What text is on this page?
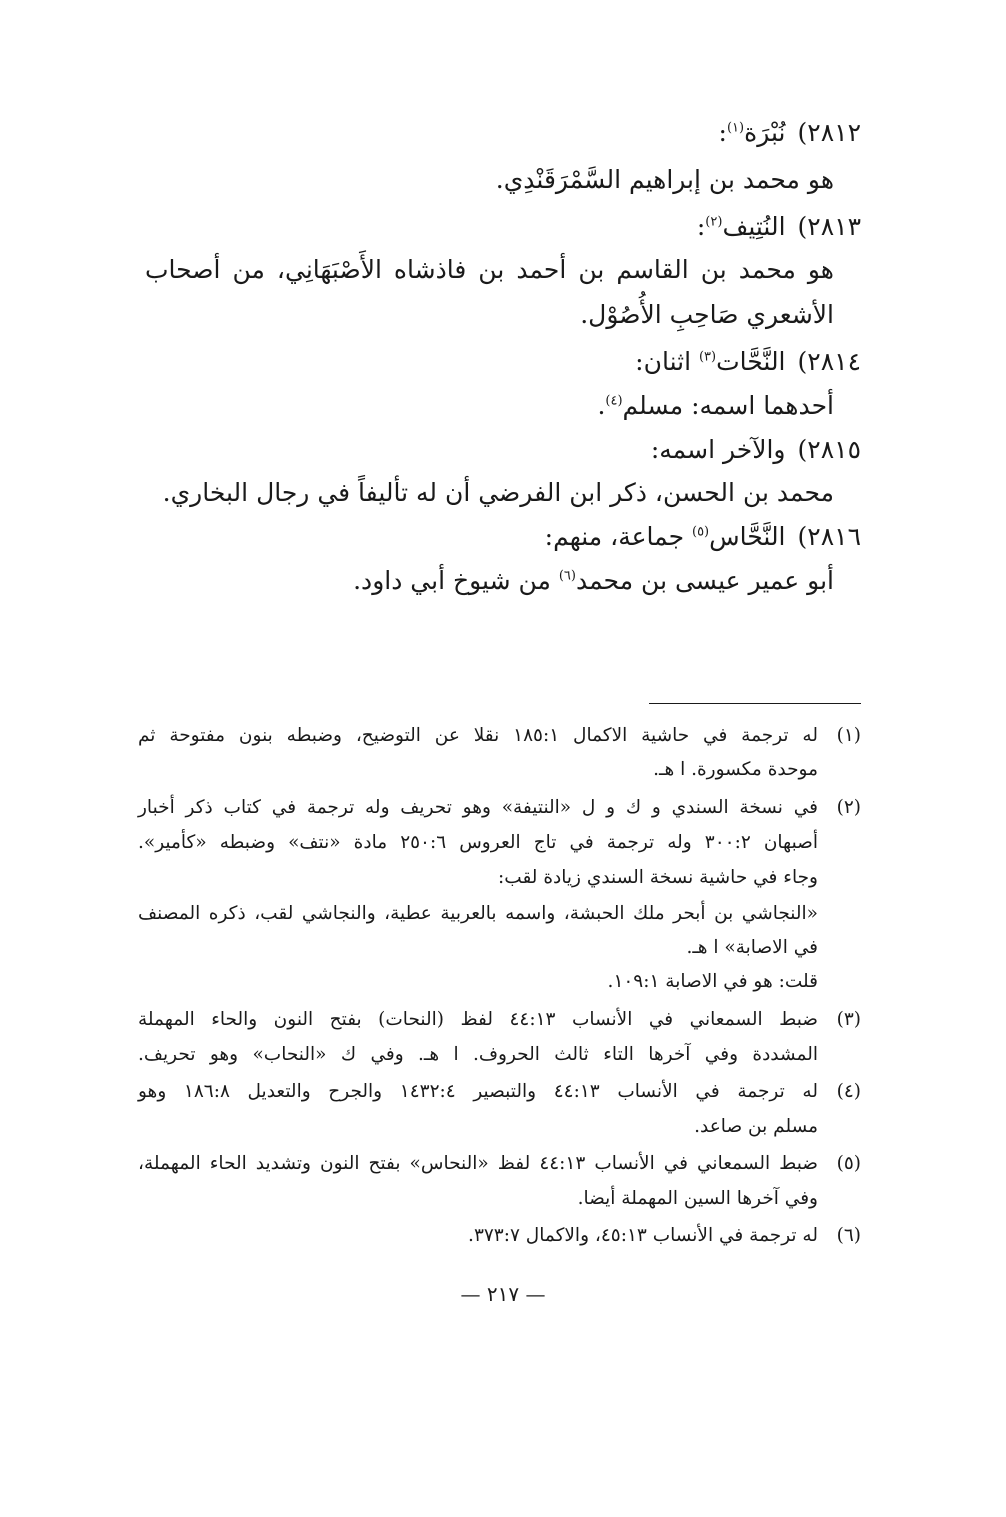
٢٨١٢)نُبْرَة$^{(١)}$:
هو محمد بن إبراهيم السَّمْرَقَنْدِي.
٢٨١٣)النُتِيف$^{(٢)}$:
هو محمد بن القاسم بن أحمد بن فاذشاه الأَصْبَهَانِي، من أصحاب
الأشعري صَاحِبِ الأُصُوْل.
٢٨١٤)النَّحَّات$^{(٣)}$ اثنان:
أحدهما اسمه: مسلم$^{(٤)}$.
٢٨١٥)والآخر اسمه:
محمد بن الحسن، ذكر ابن الفرضي أن له تأليفاً في رجال البخاري.
٢٨١٦)النَّحَّاس$^{(٥)}$ جماعة، منهم:
أبو عمير عيسى بن محمد$^{(٦)}$ من شيوخ أبي داود.
(١)
له ترجمة في حاشية الاكمال ١٨٥:١ نقلا عن التوضيح، وضبطه بنون مفتوحة ثم
موحدة مكسورة. ا هـ.
(٢)
في نسخة السندي و ك و ل «النتيفة» وهو تحريف وله ترجمة في كتاب ذكر أخبار
أصبهان ٣٠٠:٢ وله ترجمة في تاج العروس ٢٥٠:٦ مادة «نتف» وضبطه «كأمير».
وجاء في حاشية نسخة السندي زيادة لقب:
«النجاشي بن أبحر ملك الحبشة، واسمه بالعربية عطية، والنجاشي لقب، ذكره المصنف
في الاصابة» ا هـ.
قلت: هو في الاصابة ١٠٩:١.
(٣)
ضبط السمعاني في الأنساب ٤٤:١٣ لفظ (النحات) بفتح النون والحاء المهملة
المشددة وفي آخرها التاء ثالث الحروف. ا هـ. وفي ك «النحاب» وهو تحريف.
(٤)
له ترجمة في الأنساب ٤٤:١٣ والتبصير ١٤٣٢:٤ والجرح والتعديل ١٨٦:٨ وهو
مسلم بن صاعد.
(٥)
ضبط السمعاني في الأنساب ٤٤:١٣ لفظ «النحاس» بفتح النون وتشديد الحاء المهملة،
وفي آخرها السين المهملة أيضا.
(٦)
له ترجمة في الأنساب ٤٥:١٣، والاكمال ٣٧٣:٧.
— ٢١٧ —
